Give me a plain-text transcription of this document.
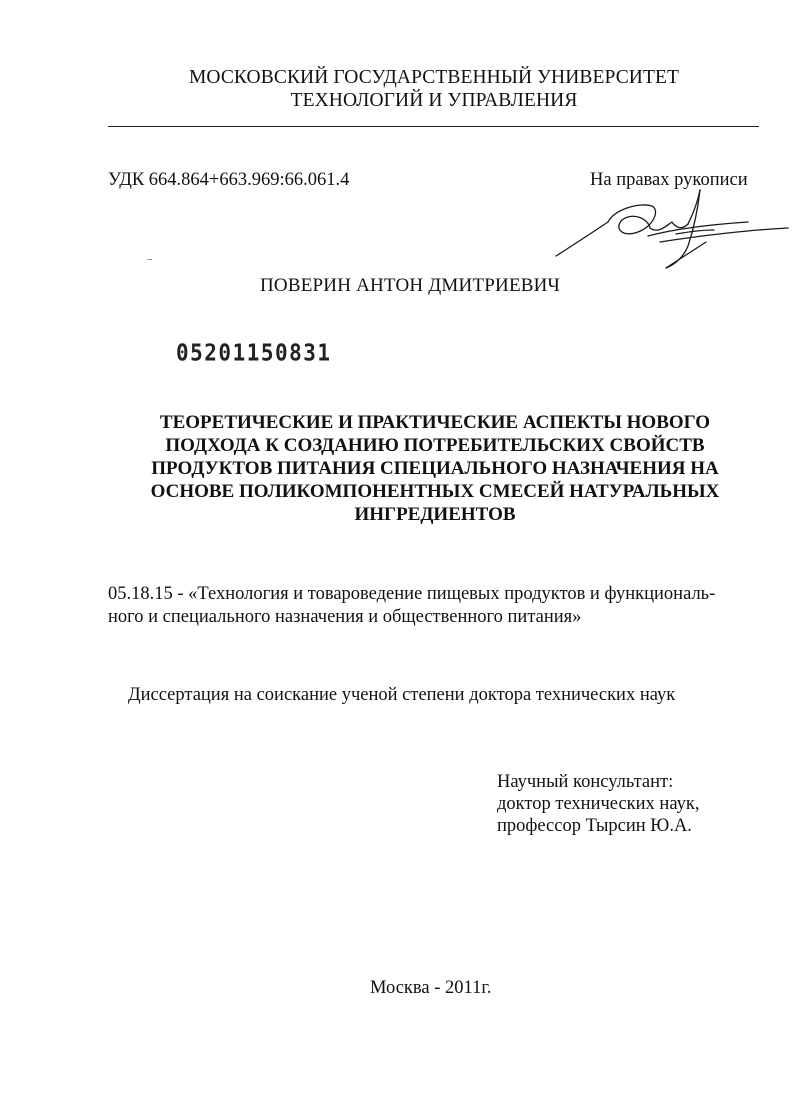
МОСКОВСКИЙ ГОСУДАРСТВЕННЫЙ УНИВЕРСИТЕТ
ТЕХНОЛОГИЙ И УПРАВЛЕНИЯ
УДК 664.864+663.969:66.061.4	На правах рукописи
ПОВЕРИН АНТОН ДМИТРИЕВИЧ
05201150831
ТЕОРЕТИЧЕСКИЕ И ПРАКТИЧЕСКИЕ АСПЕКТЫ НОВОГО
ПОДХОДА К СОЗДАНИЮ ПОТРЕБИТЕЛЬСКИХ СВОЙСТВ
ПРОДУКТОВ ПИТАНИЯ СПЕЦИАЛЬНОГО НАЗНАЧЕНИЯ НА
ОСНОВЕ ПОЛИКОМПОНЕНТНЫХ СМЕСЕЙ НАТУРАЛЬНЫХ
ИНГРЕДИЕНТОВ
05.18.15 - «Технология и товароведение пищевых продуктов и функциональ-
ного и специального назначения и общественного питания»
Диссертация на соискание ученой степени доктора технических наук
Научный консультант:
доктор технических наук,
профессор Тырсин Ю.А.
Москва - 2011г.
